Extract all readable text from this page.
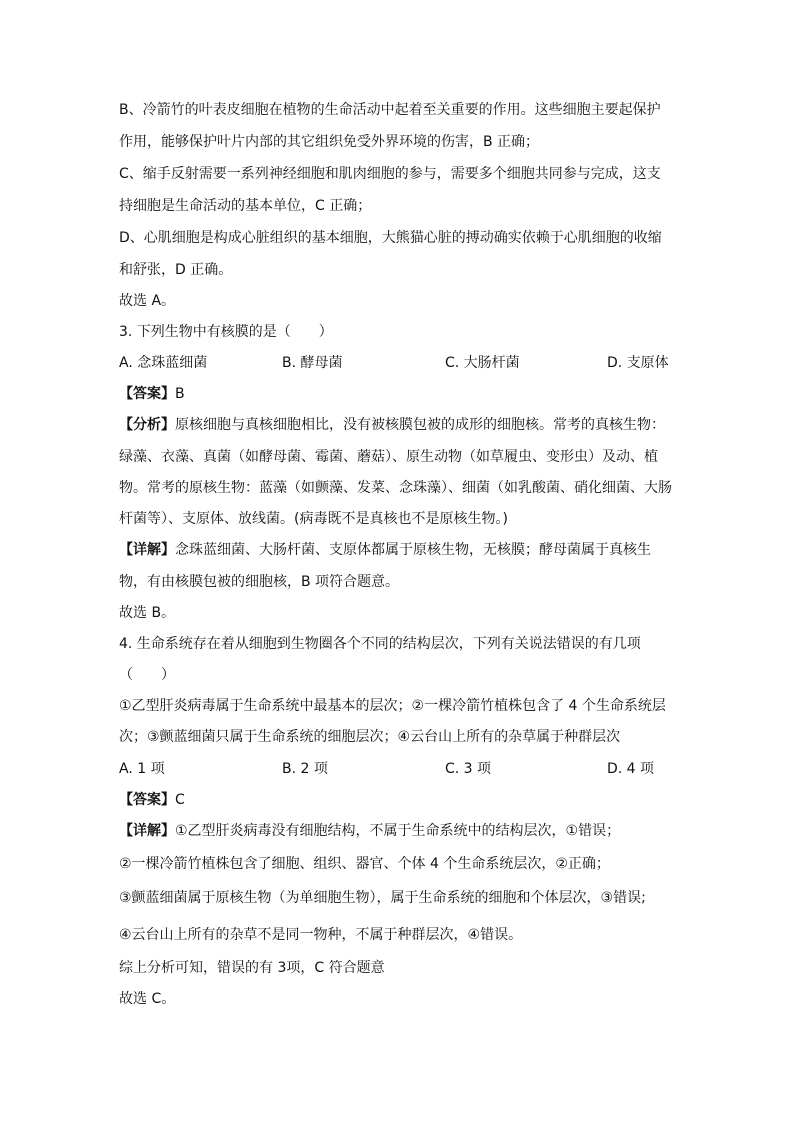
B、冷箭竹的叶表皮细胞在植物的生命活动中起着至关重要的作用。这些细胞主要起保护
作用，能够保护叶片内部的其它组织免受外界环境的伤害，B 正确；
C、缩手反射需要一系列神经细胞和肌肉细胞的参与，需要多个细胞共同参与完成，这支
持细胞是生命活动的基本单位，C 正确；
D、心肌细胞是构成心脏组织的基本细胞，大熊猫心脏的搏动确实依赖于心肌细胞的收缩
和舒张，D 正确。
故选 A。
3. 下列生物中有核膜的是（　　）
A. 念珠蓝细菌	B. 酵母菌	C. 大肠杆菌	D. 支原体
【答案】B
【分析】原核细胞与真核细胞相比，没有被核膜包被的成形的细胞核。常考的真核生物：
绿藻、衣藻、真菌（如酵母菌、霉菌、蘑菇）、原生动物（如草履虫、变形虫）及动、植
物。常考的原核生物：蓝藻（如颤藻、发菜、念珠藻）、细菌（如乳酸菌、硝化细菌、大肠
杆菌等）、支原体、放线菌。(病毒既不是真核也不是原核生物。)
【详解】念珠蓝细菌、大肠杆菌、支原体都属于原核生物，无核膜；酵母菌属于真核生
物，有由核膜包被的细胞核，B 项符合题意。
故选 B。
4. 生命系统存在着从细胞到生物圈各个不同的结构层次，下列有关说法错误的有几项
（　　）
①乙型肝炎病毒属于生命系统中最基本的层次；②一棵冷箭竹植株包含了 4 个生命系统层
次；③颤蓝细菌只属于生命系统的细胞层次；④云台山上所有的杂草属于种群层次
A. 1 项	B. 2 项	C. 3 项	D. 4 项
【答案】C
【详解】①乙型肝炎病毒没有细胞结构，不属于生命系统中的结构层次，①错误；
②一棵冷箭竹植株包含了细胞、组织、器官、个体 4 个生命系统层次，②正确；
③颤蓝细菌属于原核生物（为单细胞生物），属于生命系统的细胞和个体层次，③错误;
④云台山上所有的杂草不是同一物种，不属于种群层次，④错误。
综上分析可知，错误的有 3项，C 符合题意
故选 C。
